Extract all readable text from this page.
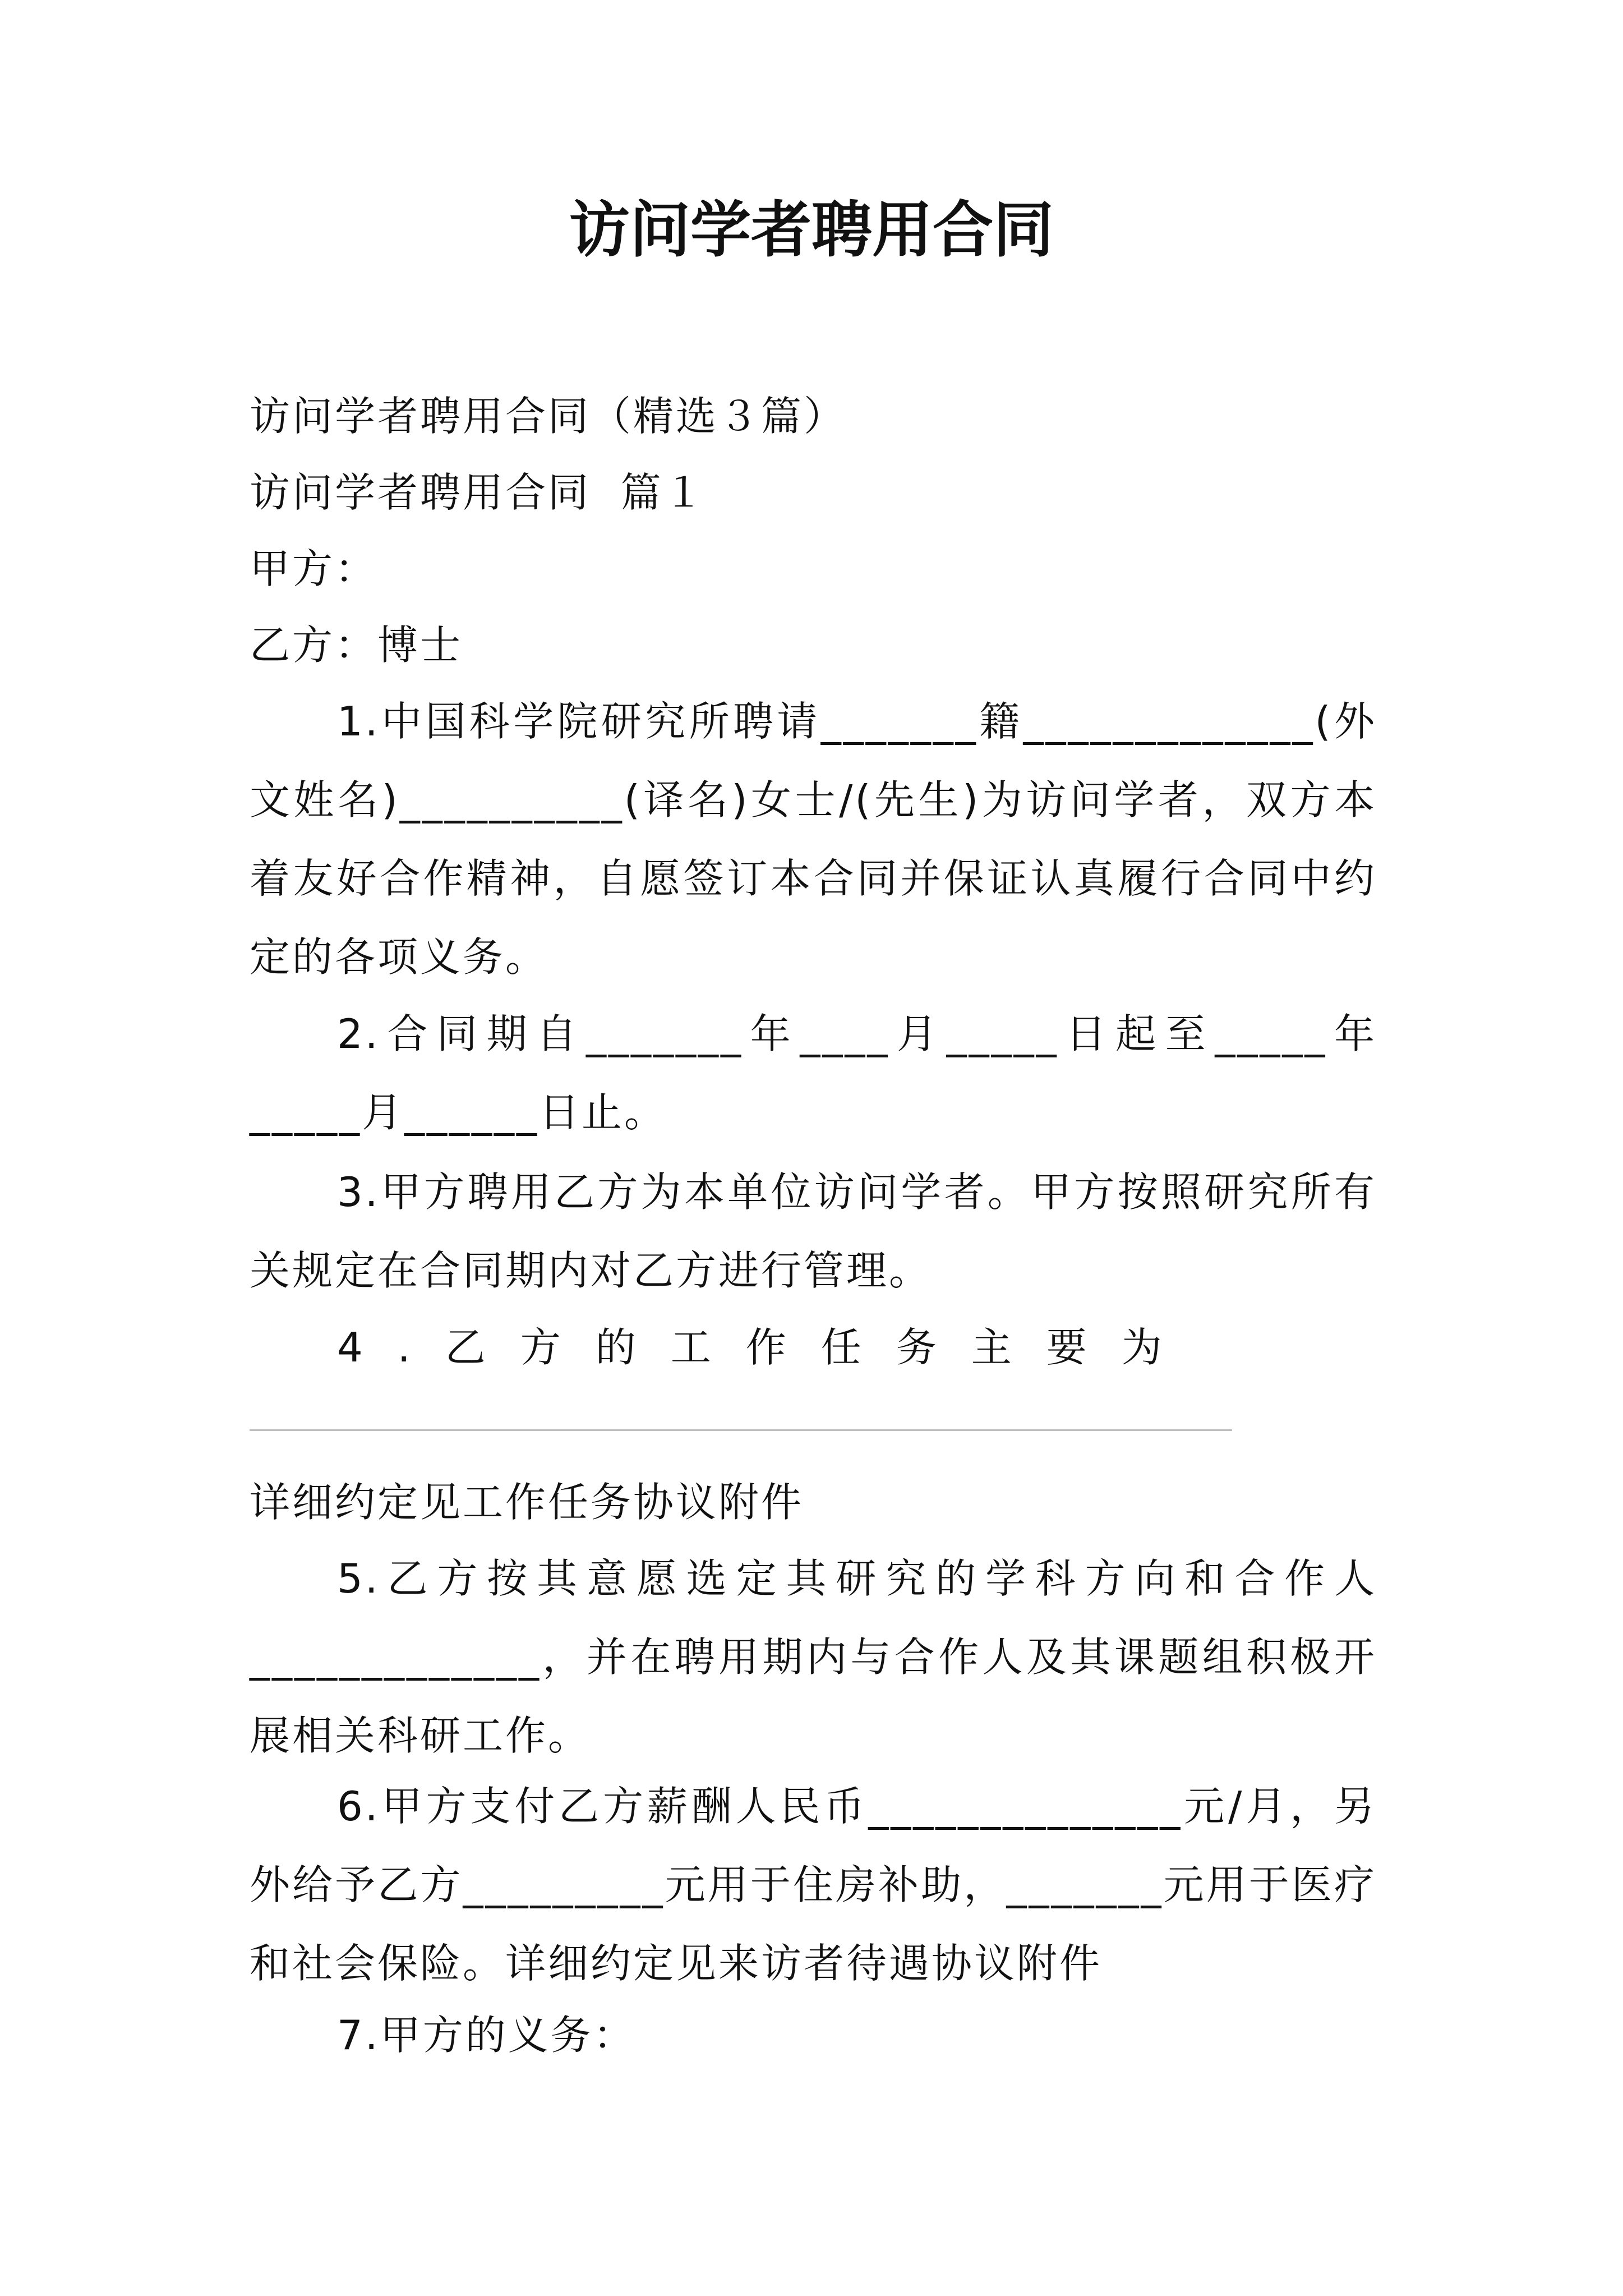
访问学者聘用合同

访问学者聘用合同（精选３篇）

访问学者聘用合同  篇１

甲方：

乙方：博士

1.中国科学院研究所聘请_______籍_____________(外文姓名)__________(译名)女士/(先生)为访问学者，双方本着友好合作精神，自愿签订本合同并保证认真履行合同中约定的各项义务。

2.合同期自_______年____月_____日起至_____年_____月______日止。

3.甲方聘用乙方为本单位访问学者。甲方按照研究所有关规定在合同期内对乙方进行管理。

4.乙方的工作任务主要为

详细约定见工作任务协议附件

5.乙方按其意愿选定其研究的学科方向和合作人_____________，并在聘用期内与合作人及其课题组积极开展相关科研工作。

6.甲方支付乙方薪酬人民币______________元/月，另外给予乙方_________元用于住房补助，_______元用于医疗和社会保险。详细约定见来访者待遇协议附件

7.甲方的义务：
